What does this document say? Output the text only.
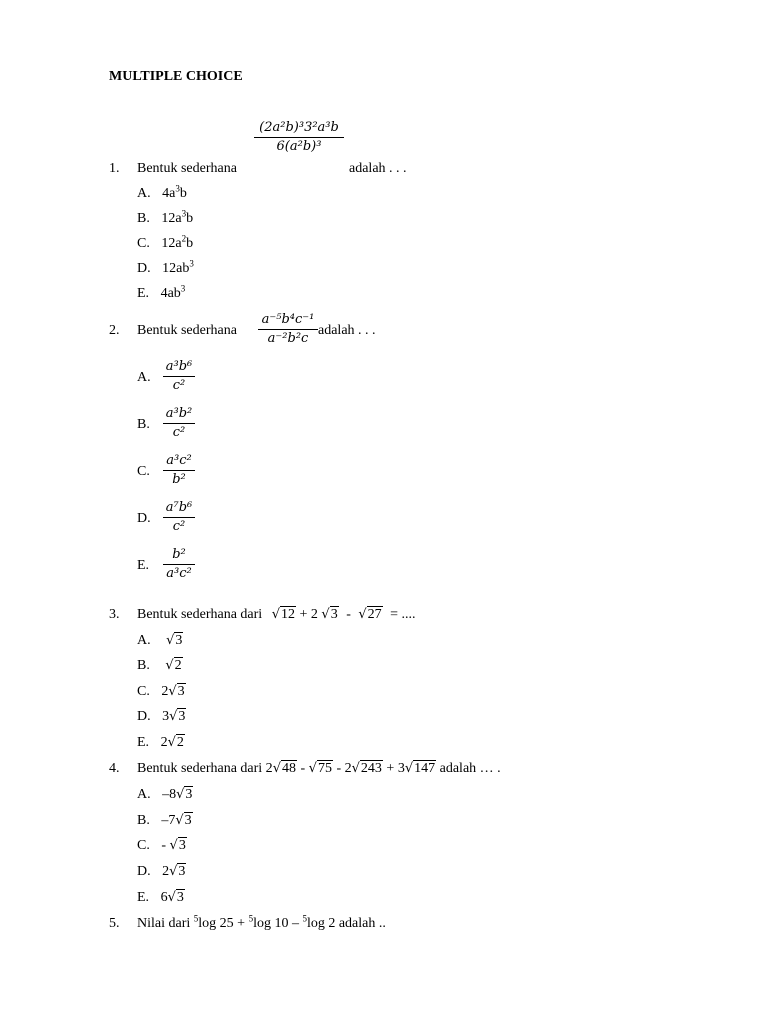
MULTIPLE CHOICE
(2a²b)³3²a³b
6(a²b)³
1. Bentuk sederhana	adalah . . .
A. $4a^3b$
B. $12a^3b$
C. $12a^2b$
D. $12ab^3$
E. $4ab^3$
2. Bentuk sederhana
a⁻⁵b⁴c⁻¹
a⁻²b²c
adalah . . .
A.
a³b⁶
c²
B.
a³b²
c²
C.
a³c²
b²
D.
a⁷b⁶
c²
E.
b²
a³c²
3. Bentuk sederhana dari √12 + 2 √3 - √27 = ....
A. √3
B. √2
C. 2√3
D. 3√3
E. 2√2
4. Bentuk sederhana dari 2√48 - √75 - 2√243 + 3√147 adalah … .
A. –8√3
B. –7√3
C. - √3
D. 2√3
E. 6√3
5. Nilai dari $^5$log 25 + $^5$log 10 – $^5$log 2 adalah ..
